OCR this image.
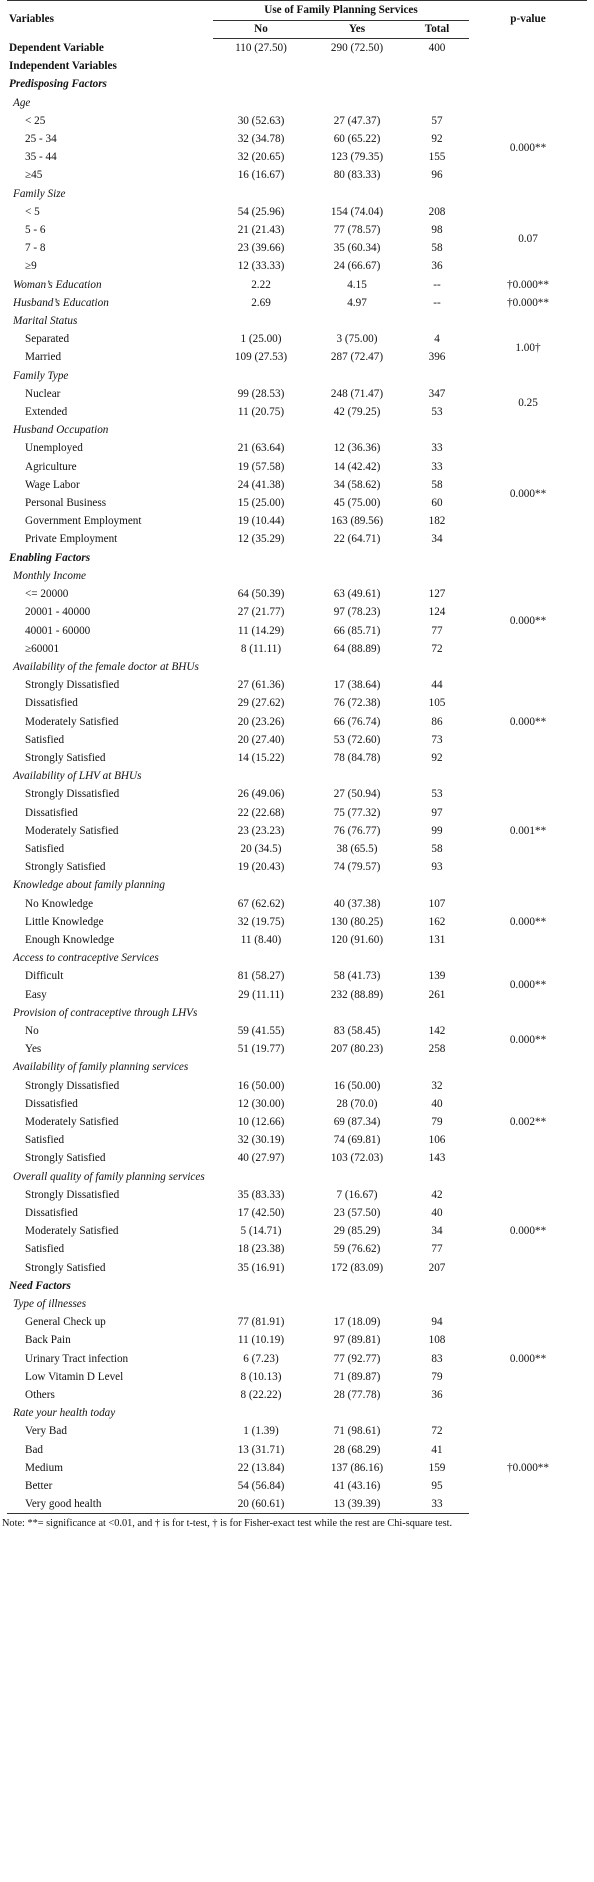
Variables	Use of Family Planning Services			p-value
	No	Yes	Total	
Dependent Variable	110 (27.50)	290 (72.50)	400	
Independent Variables				
Predisposing Factors				
Age				
< 25	30 (52.63)	27 (47.37)	57	0.000**
25 - 34	32 (34.78)	60 (65.22)	92	
35 - 44	32 (20.65)	123 (79.35)	155	
≥45	16 (16.67)	80 (83.33)	96	
Family Size				
< 5	54 (25.96)	154 (74.04)	208	0.07
5 - 6	21 (21.43)	77 (78.57)	98	
7 - 8	23 (39.66)	35 (60.34)	58	
≥9	12 (33.33)	24 (66.67)	36	
Woman’s Education	2.22	4.15	--	†0.000**
Husband’s Education	2.69	4.97	--	†0.000**
Marital Status				
Separated	1 (25.00)	3 (75.00)	4	1.00†
Married	109 (27.53)	287 (72.47)	396	
Family Type				
Nuclear	99 (28.53)	248 (71.47)	347	0.25
Extended	11 (20.75)	42 (79.25)	53	
Husband Occupation				
Unemployed	21 (63.64)	12 (36.36)	33	0.000**
Agriculture	19 (57.58)	14 (42.42)	33	
Wage Labor	24 (41.38)	34 (58.62)	58	
Personal Business	15 (25.00)	45 (75.00)	60	
Government Employment	19 (10.44)	163 (89.56)	182	
Private Employment	12 (35.29)	22 (64.71)	34	
Enabling Factors				
Monthly Income				
<= 20000	64 (50.39)	63 (49.61)	127	0.000**
20001 - 40000	27 (21.77)	97 (78.23)	124	
40001 - 60000	11 (14.29)	66 (85.71)	77	
≥60001	8 (11.11)	64 (88.89)	72	
Availability of the female doctor at BHUs				
Strongly Dissatisfied	27 (61.36)	17 (38.64)	44	0.000**
Dissatisfied	29 (27.62)	76 (72.38)	105	
Moderately Satisfied	20 (23.26)	66 (76.74)	86	
Satisfied	20 (27.40)	53 (72.60)	73	
Strongly Satisfied	14 (15.22)	78 (84.78)	92	
Availability of LHV at BHUs				
Strongly Dissatisfied	26 (49.06)	27 (50.94)	53	0.001**
Dissatisfied	22 (22.68)	75 (77.32)	97	
Moderately Satisfied	23 (23.23)	76 (76.77)	99	
Satisfied	20 (34.5)	38 (65.5)	58	
Strongly Satisfied	19 (20.43)	74 (79.57)	93	
Knowledge about family planning				
No Knowledge	67 (62.62)	40 (37.38)	107	0.000**
Little Knowledge	32 (19.75)	130 (80.25)	162	
Enough Knowledge	11 (8.40)	120 (91.60)	131	
Access to contraceptive Services				
Difficult	81 (58.27)	58 (41.73)	139	0.000**
Easy	29 (11.11)	232 (88.89)	261	
Provision of contraceptive through LHVs				
No	59 (41.55)	83 (58.45)	142	0.000**
Yes	51 (19.77)	207 (80.23)	258	
Availability of family planning services				
Strongly Dissatisfied	16 (50.00)	16 (50.00)	32	0.002**
Dissatisfied	12 (30.00)	28 (70.0)	40	
Moderately Satisfied	10 (12.66)	69 (87.34)	79	
Satisfied	32 (30.19)	74 (69.81)	106	
Strongly Satisfied	40 (27.97)	103 (72.03)	143	
Overall quality of family planning services				
Strongly Dissatisfied	35 (83.33)	7 (16.67)	42	0.000**
Dissatisfied	17 (42.50)	23 (57.50)	40	
Moderately Satisfied	5 (14.71)	29 (85.29)	34	
Satisfied	18 (23.38)	59 (76.62)	77	
Strongly Satisfied	35 (16.91)	172 (83.09)	207	
Need Factors				
Type of illnesses				
General Check up	77 (81.91)	17 (18.09)	94	0.000**
Back Pain	11 (10.19)	97 (89.81)	108	
Urinary Tract infection	6 (7.23)	77 (92.77)	83	
Low Vitamin D Level	8 (10.13)	71 (89.87)	79	
Others	8 (22.22)	28 (77.78)	36	
Rate your health today				
Very Bad	1 (1.39)	71 (98.61)	72	†0.000**
Bad	13 (31.71)	28 (68.29)	41	
Medium	22 (13.84)	137 (86.16)	159	
Better	54 (56.84)	41 (43.16)	95	
Very good health	20 (60.61)	13 (39.39)	33	
Note: **= significance at <0.01, and † is for t-test, † is for Fisher-exact test while the rest are Chi-square test.
